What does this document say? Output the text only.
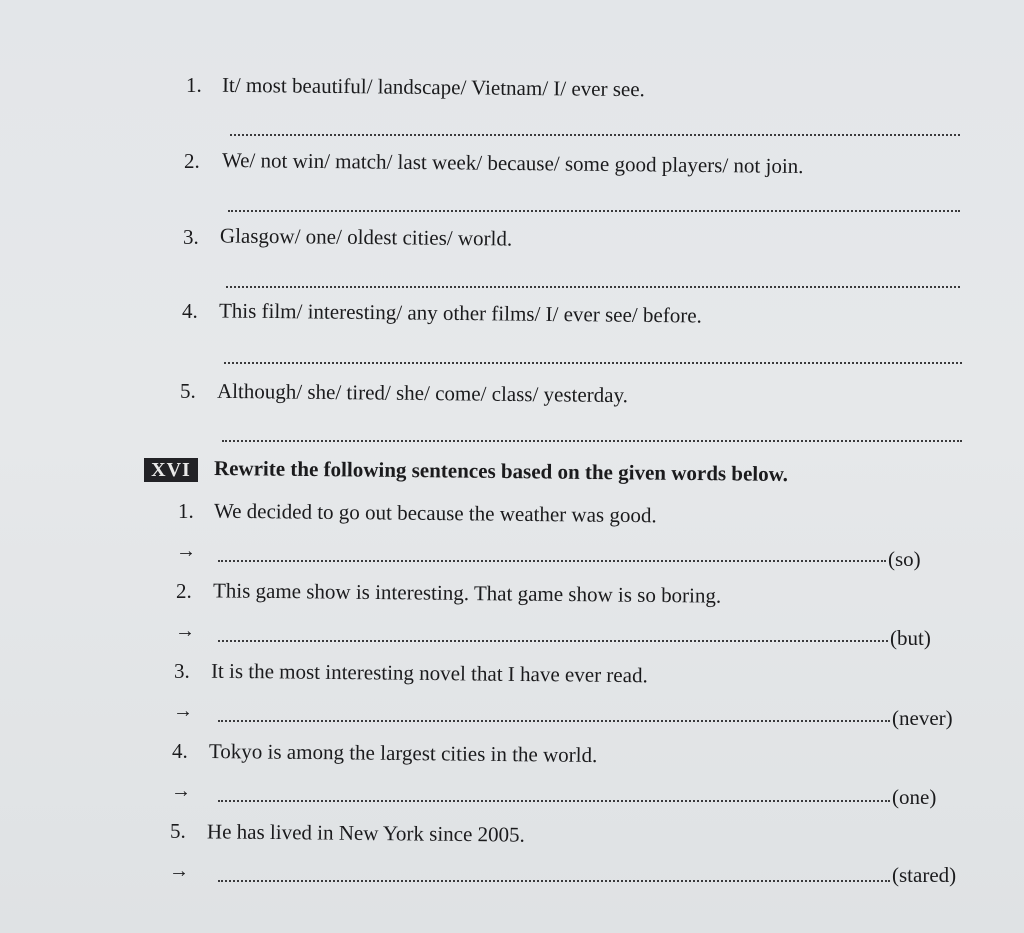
1. It/ most beautiful/ landscape/ Vietnam/ I/ ever see.
2. We/ not win/ match/ last week/ because/ some good players/ not join.
3. Glasgow/ one/ oldest cities/ world.
4. This film/ interesting/ any other films/ I/ ever see/ before.
5. Although/ she/ tired/ she/ come/ class/ yesterday.
XVI	Rewrite the following sentences based on the given words below.
1. We decided to go out because the weather was good.
→	(so)
2. This game show is interesting. That game show is so boring.
→	(but)
3. It is the most interesting novel that I have ever read.
→	(never)
4. Tokyo is among the largest cities in the world.
→	(one)
5. He has lived in New York since 2005.
→	(stared)
